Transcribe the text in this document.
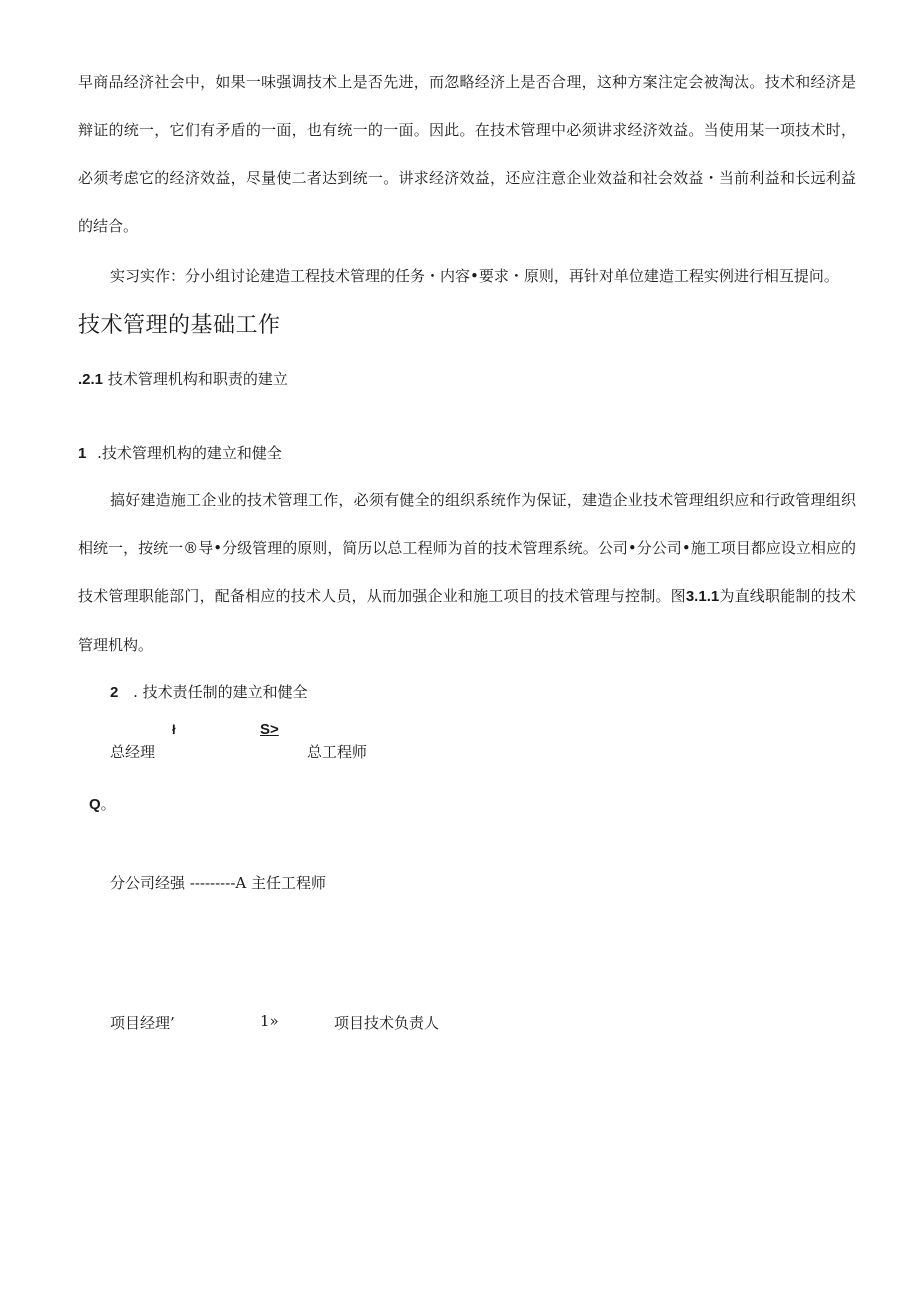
早商品经济社会中，如果一味强调技术上是否先进，而忽略经济上是否合理，这种方案注定会被淘汰。技术和经济是辩证的统一，它们有矛盾的一面，也有统一的一面。因此。在技术管理中必须讲求经济效益。当使用某一项技术时，必须考虑它的经济效益，尽量使二者达到统一。讲求经济效益，还应注意企业效益和社会效益・当前利益和长远利益的结合。

实习实作：分小组讨论建造工程技术管理的任务・内容•要求・原则，再针对单位建造工程实例进行相互提问。

技术管理的基础工作
.2.1 技术管理机构和职责的建立
1 .技术管理机构的建立和健全

搞好建造施工企业的技术管理工作，必须有健全的组织系统作为保证，建造企业技术管理组织应和行政管理组织相统一，按统一®导•分级管理的原则，简历以总工程师为首的技术管理系统。公司•分公司•施工项目都应设立相应的技术管理职能部门，配备相应的技术人员，从而加强企业和施工项目的技术管理与控制。图3.1.1为直线职能制的技术管理机构。

2 . 技术责任制的建立和健全
ł	S>
总经理	总工程师
Q。
分公司经强 ---------A 主任工程师
项目经理’	1»	项目技术负责人
